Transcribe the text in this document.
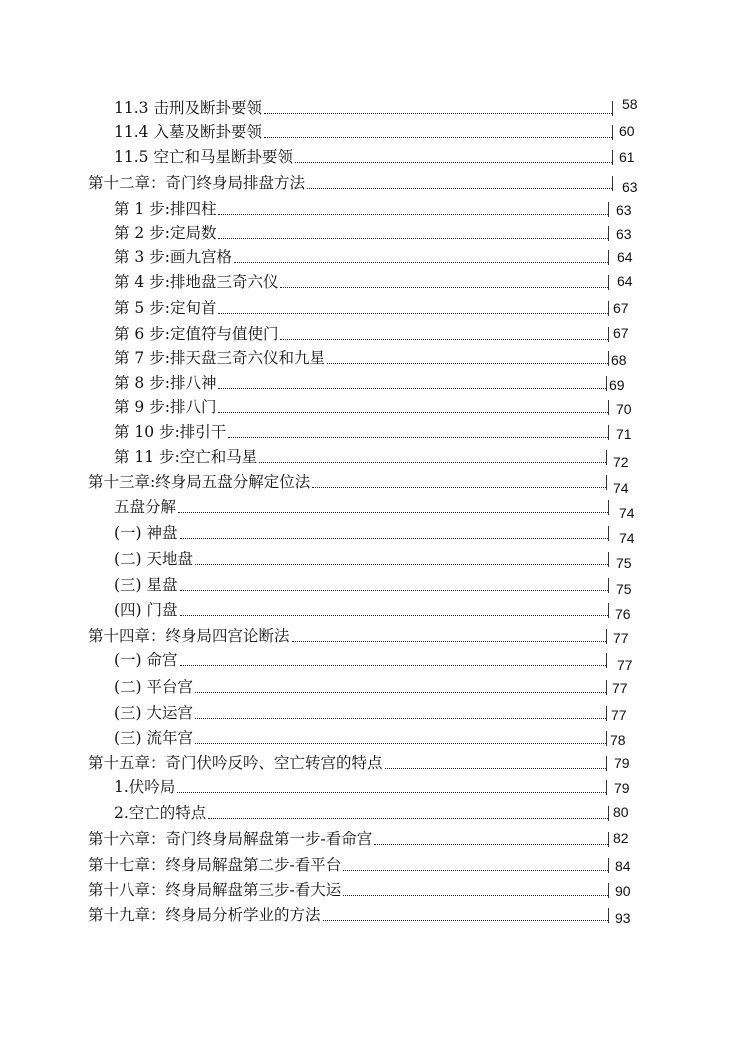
11.3 击刑及断卦要领	58
11.4 入墓及断卦要领	60
11.5 空亡和马星断卦要领	61
第十二章：奇门终身局排盘方法	63
第 1 步:排四柱	63
第 2 步:定局数	63
第 3 步:画九宫格	64
第 4 步:排地盘三奇六仪	64
第 5 步:定旬首	67
第 6 步:定值符与值使门	67
第 7 步:排天盘三奇六仪和九星	68
第 8 步:排八神	69
第 9 步:排八门	70
第 10 步:排引干	71
第 11 步:空亡和马星	72
第十三章:终身局五盘分解定位法	74
五盘分解	74
(一) 神盘	74
(二) 天地盘	75
(三) 星盘	75
(四) 门盘	76
第十四章：终身局四宫论断法	77
(一) 命宫	77
(二) 平台宫	77
(三) 大运宫	77
(三) 流年宫	78
第十五章：奇门伏吟反吟、空亡转宫的特点	79
1.伏吟局	79
2.空亡的特点	80
第十六章：奇门终身局解盘第一步-看命宫	82
第十七章：终身局解盘第二步-看平台	84
第十八章：终身局解盘第三步-看大运	90
第十九章：终身局分析学业的方法	93
